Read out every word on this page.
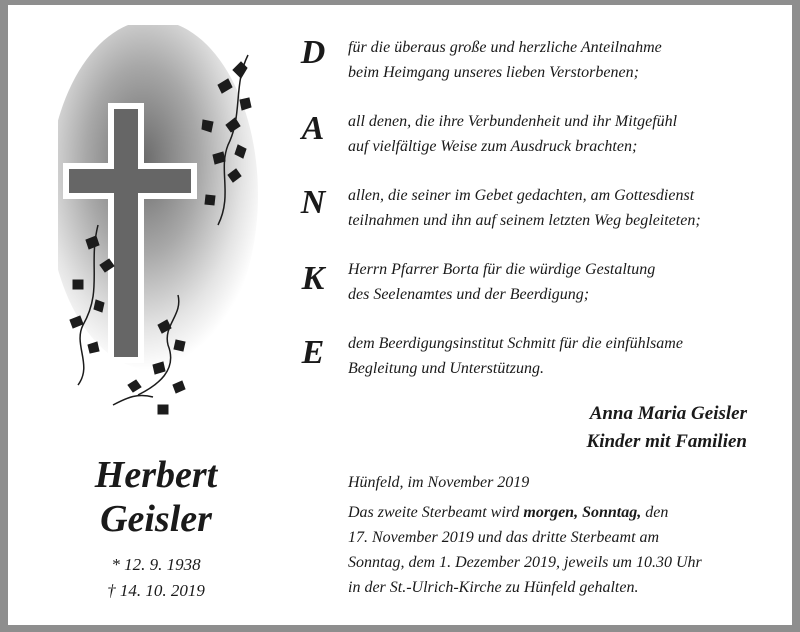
Herbert
Geisler
* 12. 9. 1938
† 14. 10. 2019
D
A
N
K
E
für die überaus große und herzliche Anteilnahme
beim Heimgang unseres lieben Verstorbenen;
all denen, die ihre Verbundenheit und ihr Mitgefühl
auf vielfältige Weise zum Ausdruck brachten;
allen, die seiner im Gebet gedachten, am Gottesdienst
teilnahmen und ihn auf seinem letzten Weg begleiteten;
Herrn Pfarrer Borta für die würdige Gestaltung
des Seelenamtes und der Beerdigung;
dem Beerdigungsinstitut Schmitt für die einfühlsame
Begleitung und Unterstützung.
Anna Maria Geisler
Kinder mit Familien
Hünfeld, im November 2019
Das zweite Sterbeamt wird morgen, Sonntag, den
17. November 2019 und das dritte Sterbeamt am
Sonntag, dem 1. Dezember 2019, jeweils um 10.30 Uhr
in der St.-Ulrich-Kirche zu Hünfeld gehalten.
